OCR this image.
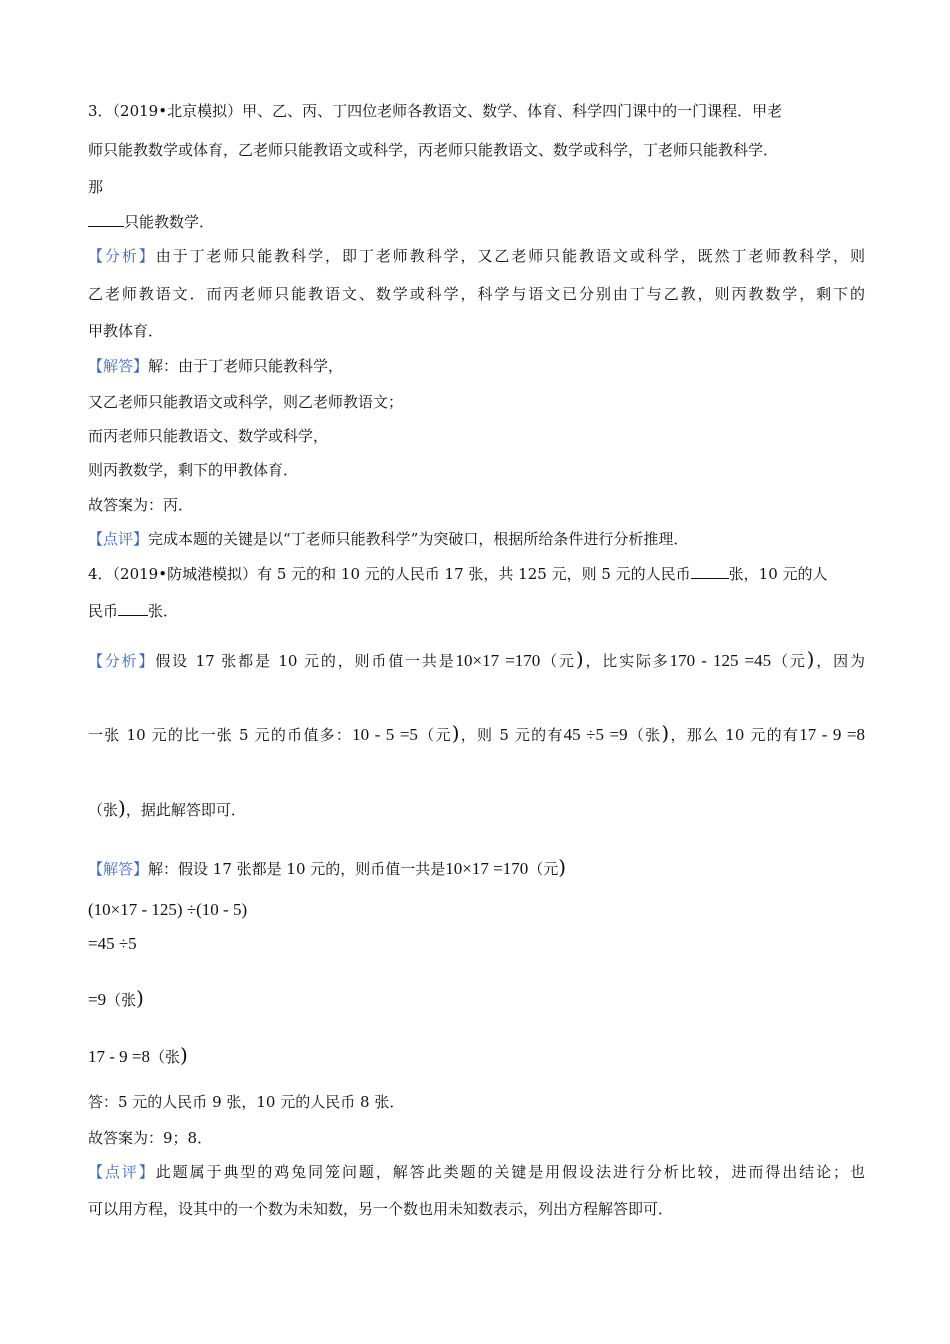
3．（2019•北京模拟）甲、乙、丙、丁四位老师各教语文、数学、体育、科学四门课中的一门课程．甲老
师只能教数学或体育，乙老师只能教语文或科学，丙老师只能教语文、数学或科学，丁老师只能教科学．
那
只能教数学．
【分析】由于丁老师只能教科学，即丁老师教科学，又乙老师只能教语文或科学，既然丁老师教科学，则
乙老师教语文．而丙老师只能教语文、数学或科学，科学与语文已分别由丁与乙教，则丙教数学，剩下的
甲教体育．
【解答】解：由于丁老师只能教科学，
又乙老师只能教语文或科学，则乙老师教语文；
而丙老师只能教语文、数学或科学，
则丙教数学，剩下的甲教体育．
故答案为：丙．
【点评】完成本题的关键是以“丁老师只能教科学”为突破口，根据所给条件进行分析推理．
4．（2019•防城港模拟）有 5 元的和 10 元的人民币 17 张，共 125 元，则 5 元的人民币	张，10 元的人
民币 张．
【分析】假设 17 张都是 10 元的，则币值一共是10×17 =170（元)，比实际多170 - 125 =45（元)，因为
一张 10 元的比一张 5 元的币值多：10 - 5 =5（元)，则 5 元的有45 ÷5 =9（张)，那么 10 元的有17 - 9 =8
（张)，据此解答即可．
【解答】解：假设 17 张都是 10 元的，则币值一共是10×17 =170（元)
(10×17 - 125) ÷(10 - 5)
=45 ÷5
=9（张)
17 - 9 =8（张)
答：5 元的人民币 9 张，10 元的人民币 8 张．
故答案为：9；8．
【点评】此题属于典型的鸡兔同笼问题，解答此类题的关键是用假设法进行分析比较，进而得出结论；也
可以用方程，设其中的一个数为未知数，另一个数也用未知数表示，列出方程解答即可．
